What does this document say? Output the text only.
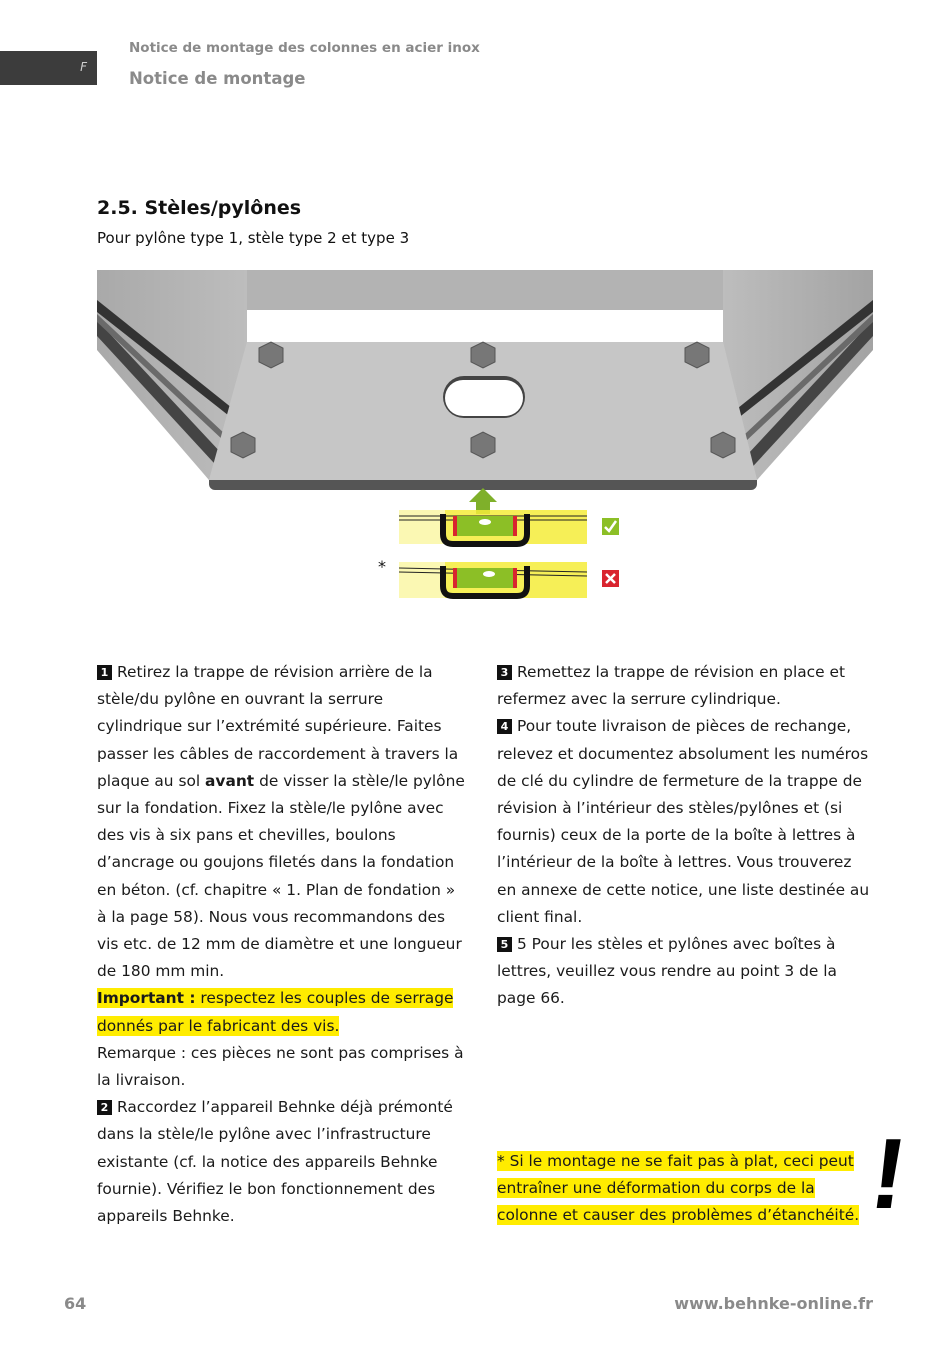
F
Notice de montage des colonnes en acier inox
Notice de montage
2.5. Stèles/pylônes
Pour pylône type 1, stèle type 2 et type 3
*

1 Retirez la trappe de révision arrière de la stèle/du pylône en ouvrant la serrure cylindrique sur l’extrémité supérieure. Faites passer les câbles de raccordement à travers la plaque au sol avant de visser la stèle/le pylône sur la fondation. Fixez la stèle/le pylône avec des vis à six pans et chevilles, boulons d’ancrage ou goujons filetés dans la fondation en béton. (cf. chapitre « 1. Plan de fondation » à la page 58). Nous vous recommandons des vis etc. de 12 mm de diamètre et une longueur de 180 mm min.

Important : respectez les couples de serrage donnés par le fabricant des vis.

Remarque : ces pièces ne sont pas comprises à la livraison.

2 Raccordez l’appareil Behnke déjà prémonté dans la stèle/le pylône avec l’infrastructure existante (cf. la notice des appareils Behnke fournie). Vérifiez le bon fonctionnement des appareils Behnke.

3 Remettez la trappe de révision en place et refermez avec la serrure cylindrique.

4 Pour toute livraison de pièces de rechange, relevez et documentez absolument les numéros de clé du cylindre de fermeture de la trappe de révision à l’intérieur des stèles/pylônes et (si fournis) ceux de la porte de la boîte à lettres à l’intérieur de la boîte à lettres. Vous trouverez en annexe de cette notice, une liste destinée au client final.

5 5 Pour les stèles et pylônes avec boîtes à lettres, veuillez vous rendre au point 3 de la page 66.

* Si le montage ne se fait pas à plat, ceci peut entraîner une déformation du corps de la colonne et causer des problèmes d’étanchéité. !
64	www.behnke-online.fr
